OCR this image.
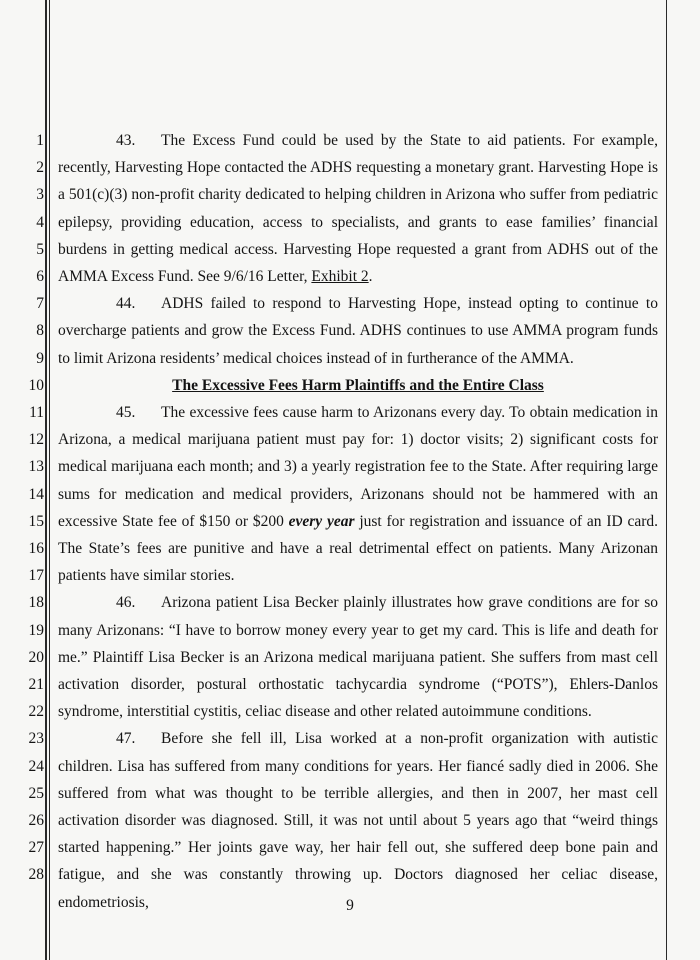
1
2
3
4
5
6
7
8
9
10
11
12
13
14
15
16
17
18
19
20
21
22
23
24
25
26
27
28

43. The Excess Fund could be used by the State to aid patients. For example, recently, Harvesting Hope contacted the ADHS requesting a monetary grant. Harvesting Hope is a 501(c)(3) non-profit charity dedicated to helping children in Arizona who suffer from pediatric epilepsy, providing education, access to specialists, and grants to ease families’ financial burdens in getting medical access. Harvesting Hope requested a grant from ADHS out of the AMMA Excess Fund. See 9/6/16 Letter, Exhibit 2.

44. ADHS failed to respond to Harvesting Hope, instead opting to continue to overcharge patients and grow the Excess Fund. ADHS continues to use AMMA program funds to limit Arizona residents’ medical choices instead of in furtherance of the AMMA.

The Excessive Fees Harm Plaintiffs and the Entire Class

45. The excessive fees cause harm to Arizonans every day. To obtain medication in Arizona, a medical marijuana patient must pay for: 1) doctor visits; 2) significant costs for medical marijuana each month; and 3) a yearly registration fee to the State. After requiring large sums for medication and medical providers, Arizonans should not be hammered with an excessive State fee of $150 or $200 every year just for registration and issuance of an ID card. The State’s fees are punitive and have a real detrimental effect on patients. Many Arizonan patients have similar stories.

46. Arizona patient Lisa Becker plainly illustrates how grave conditions are for so many Arizonans: “I have to borrow money every year to get my card. This is life and death for me.” Plaintiff Lisa Becker is an Arizona medical marijuana patient. She suffers from mast cell activation disorder, postural orthostatic tachycardia syndrome (“POTS”), Ehlers-Danlos syndrome, interstitial cystitis, celiac disease and other related autoimmune conditions.

47. Before she fell ill, Lisa worked at a non-profit organization with autistic children. Lisa has suffered from many conditions for years. Her fiancé sadly died in 2006. She suffered from what was thought to be terrible allergies, and then in 2007, her mast cell activation disorder was diagnosed. Still, it was not until about 5 years ago that “weird things started happening.” Her joints gave way, her hair fell out, she suffered deep bone pain and fatigue, and she was constantly throwing up. Doctors diagnosed her celiac disease, endometriosis,	9
